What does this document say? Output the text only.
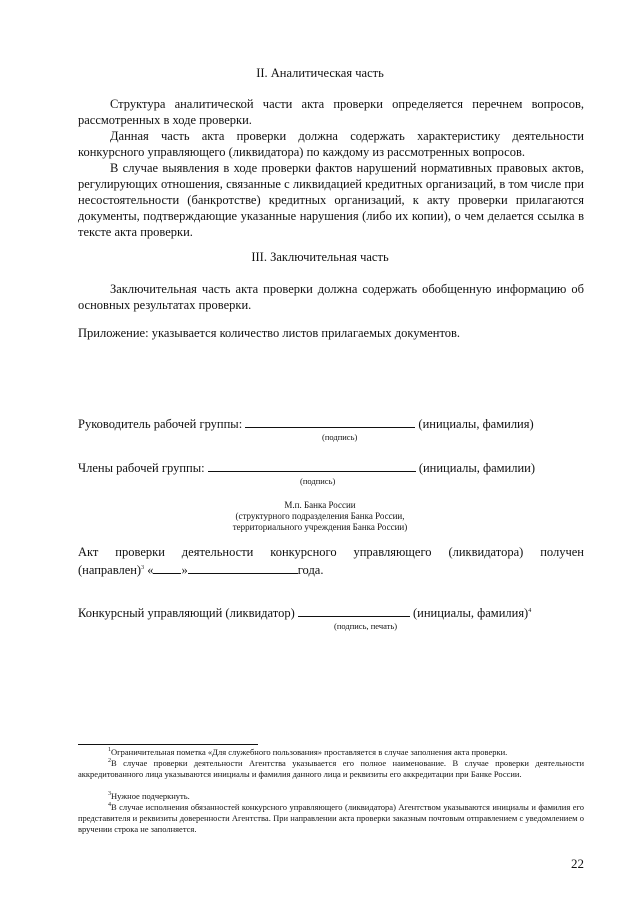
II. Аналитическая часть

Структура аналитической части акта проверки определяется перечнем вопросов, рассмотренных в ходе проверки.

Данная часть акта проверки должна содержать характеристику деятельности конкурсного управляющего (ликвидатора) по каждому из рассмотренных вопросов.

В случае выявления в ходе проверки фактов нарушений нормативных правовых актов, регулирующих отношения, связанные с ликвидацией кредитных организаций, в том числе при несостоятельности (банкротстве) кредитных организаций, к акту проверки прилагаются документы, подтверждающие указанные нарушения (либо их копии), о чем делается ссылка в тексте акта проверки.

III. Заключительная часть

Заключительная часть акта проверки должна содержать обобщенную информацию об основных результатах проверки.

Приложение: указывается количество листов прилагаемых документов.
Руководитель рабочей группы:	(инициалы, фамилия)
(подпись)
Члены рабочей группы:	(инициалы, фамилии)
(подпись)
М.п. Банка России
(структурного подразделения Банка России,
территориального учреждения Банка России)
Акт проверки деятельности конкурсного управляющего (ликвидатора) получен
(направлен)$^3$ « »	года.
Конкурсный управляющий (ликвидатор)	(инициалы, фамилия)$^4$
(подпись, печать)

$^1$Ограничительная пометка «Для служебного пользования» проставляется в случае заполнения акта проверки.

$^2$В случае проверки деятельности Агентства указывается его полное наименование. В случае проверки деятельности аккредитованного лица указываются инициалы и фамилия данного лица и реквизиты его аккредитации при Банке России.

$^3$Нужное подчеркнуть.

$^4$В случае исполнения обязанностей конкурсного управляющего (ликвидатора) Агентством указываются инициалы и фамилия его представителя и реквизиты доверенности Агентства. При направлении акта проверки заказным почтовым отправлением с уведомлением о вручении строка не заполняется.

22
